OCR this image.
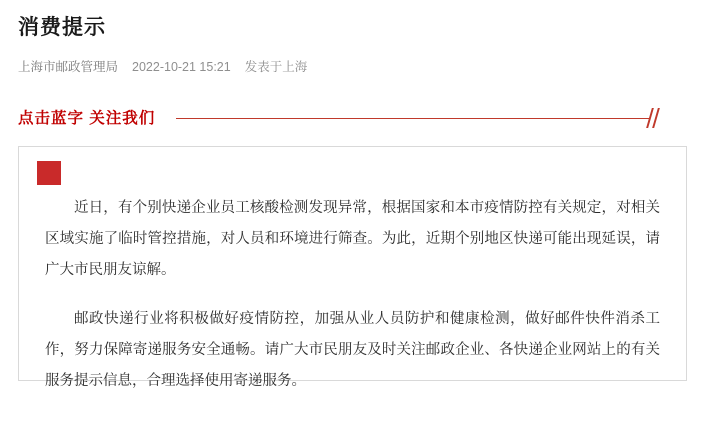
消费提示
上海市邮政管理局 2022-10-21 15:21 发表于上海
点击蓝字 关注我们

近日，有个别快递企业员工核酸检测发现异常，根据国家和本市疫情防控有关规定，对相关区域实施了临时管控措施，对人员和环境进行筛查。为此，近期个别地区快递可能出现延误，请广大市民朋友谅解。

邮政快递行业将积极做好疫情防控，加强从业人员防护和健康检测，做好邮件快件消杀工作，努力保障寄递服务安全通畅。请广大市民朋友及时关注邮政企业、各快递企业网站上的有关服务提示信息，合理选择使用寄递服务。
